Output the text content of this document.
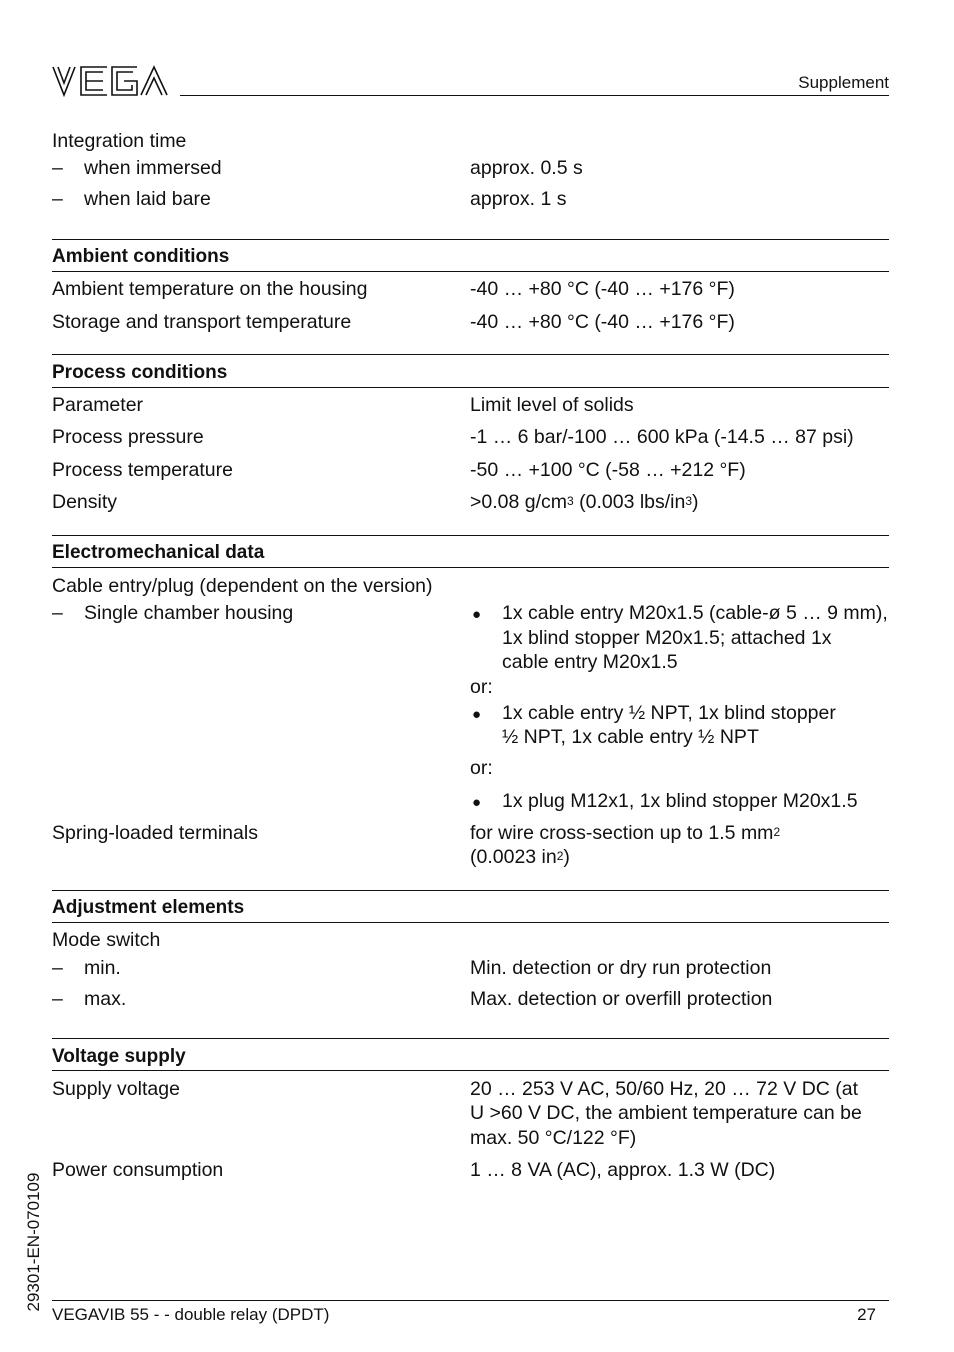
Supplement
Integration time
– when immersed	approx. 0.5 s
– when laid bare	approx. 1 s
Ambient conditions
Ambient temperature on the housing	-40 … +80 °C (-40 … +176 °F)
Storage and transport temperature	-40 … +80 °C (-40 … +176 °F)
Process conditions
Parameter	Limit level of solids
Process pressure	-1 … 6 bar/-100 … 600 kPa (-14.5 … 87 psi)
Process temperature	-50 … +100 °C (-58 … +212 °F)
Density	>0.08 $g/cm^3$ (0.003 lbs/$in^3$)
Electromechanical data
Cable entry/plug (dependent on the version)
– Single chamber housing	● 1x cable entry M20x1.5 (cable-ø 5 … 9 mm),
1x blind stopper M20x1.5; attached 1x
cable entry M20x1.5
or:
● 1x cable entry ½ NPT, 1x blind stopper
½ NPT, 1x cable entry ½ NPT
or:
● 1x plug M12x1, 1x blind stopper M20x1.5
Spring-loaded terminals	for wire cross-section up to 1.5 $mm^2$
(0.0023 $in^2$)
Adjustment elements
Mode switch
– min.	Min. detection or dry run protection
– max.	Max. detection or overfill protection
Voltage supply
Supply voltage	20 … 253 V AC, 50/60 Hz, 20 … 72 V DC (at
U >60 V DC, the ambient temperature can be
max. 50 °C/122 °F)
Power consumption	1 … 8 VA (AC), approx. 1.3 W (DC)
29301-EN-070109
VEGAVIB 55 - - double relay (DPDT)	27
